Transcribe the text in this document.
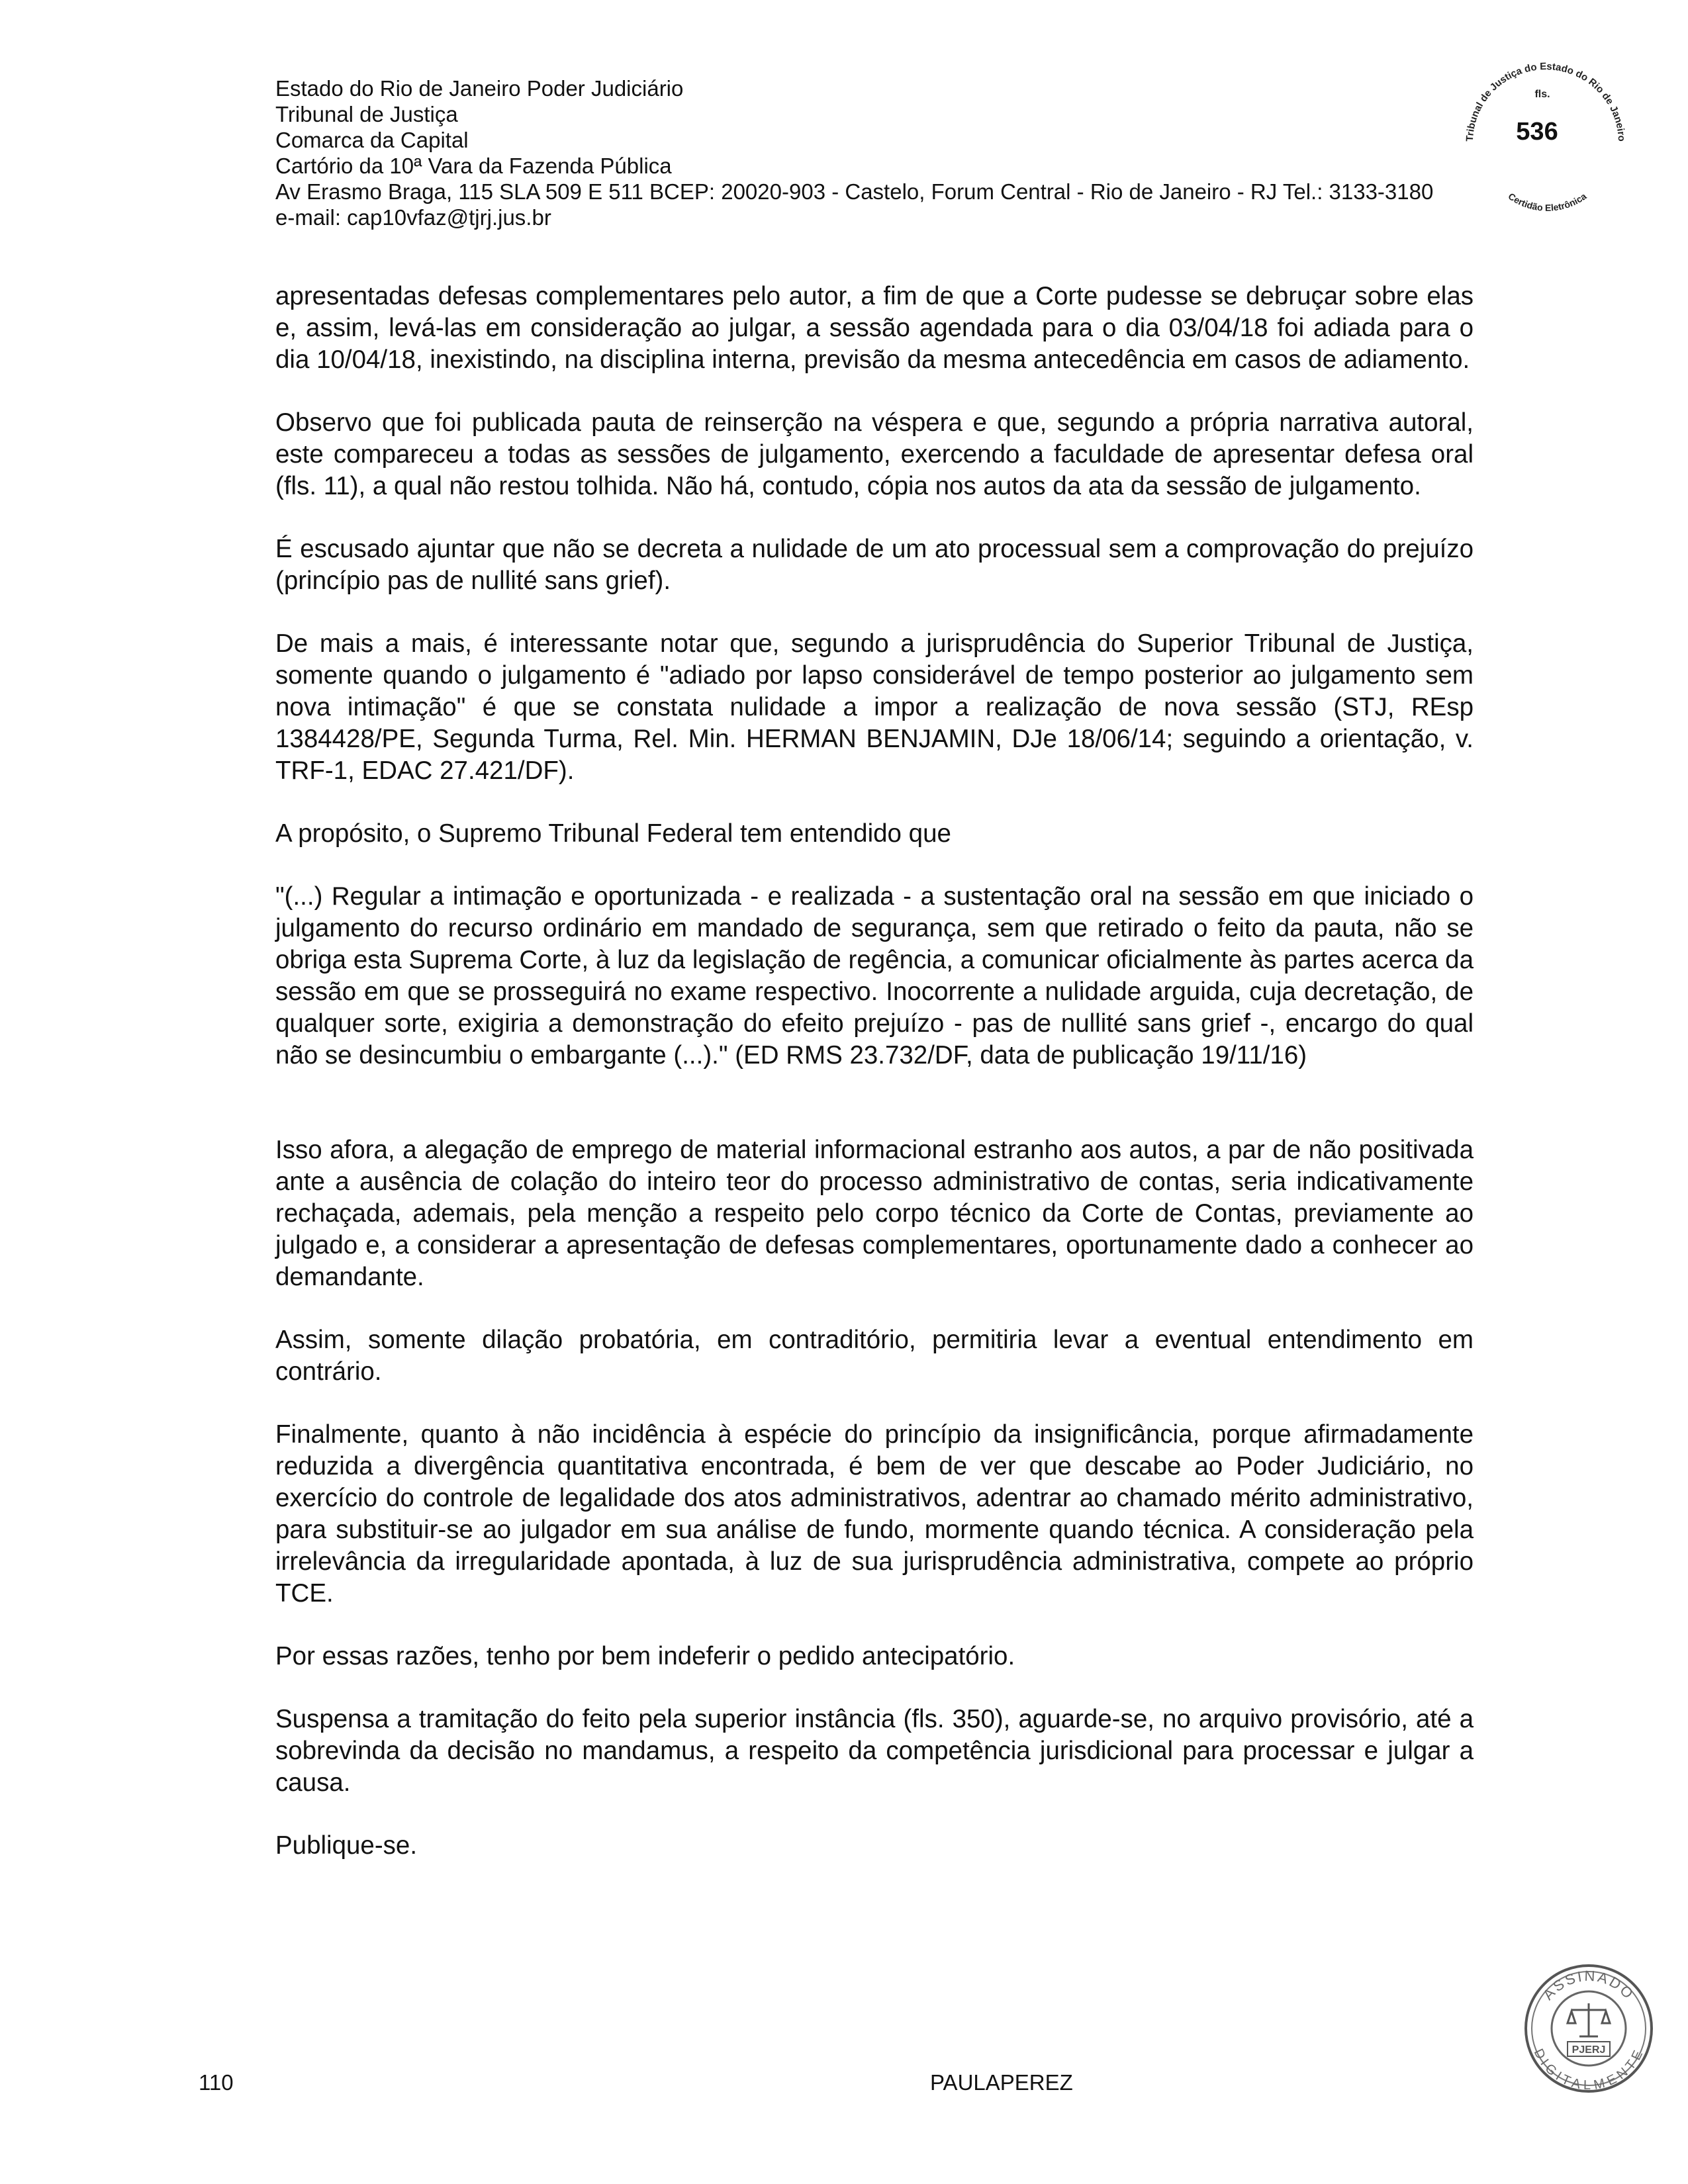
Estado do Rio de Janeiro Poder Judiciário
Tribunal de Justiça
Comarca da Capital
Cartório da 10ª Vara da Fazenda Pública
Av Erasmo Braga, 115 SLA 509 E 511 BCEP: 20020-903 - Castelo, Forum Central - Rio de Janeiro - RJ Tel.: 3133-3180
e-mail: cap10vfaz@tjrj.jus.br
Tribunal de Justiça do Estado do Rio de Janeiro
Certidão Eletrônica
fls.
536

apresentadas defesas complementares pelo autor, a fim de que a Corte pudesse se debruçar sobre elas e, assim, levá-las em consideração ao julgar, a sessão agendada para o dia 03/04/18 foi adiada para o dia 10/04/18, inexistindo, na disciplina interna, previsão da mesma antecedência em casos de adiamento.

Observo que foi publicada pauta de reinserção na véspera e que, segundo a própria narrativa autoral, este compareceu a todas as sessões de julgamento, exercendo a faculdade de apresentar defesa oral (fls. 11), a qual não restou tolhida. Não há, contudo, cópia nos autos da ata da sessão de julgamento.

É escusado ajuntar que não se decreta a nulidade de um ato processual sem a comprovação do prejuízo (princípio pas de nullité sans grief).

De mais a mais, é interessante notar que, segundo a jurisprudência do Superior Tribunal de Justiça, somente quando o julgamento é "adiado por lapso considerável de tempo posterior ao julgamento sem nova intimação" é que se constata nulidade a impor a realização de nova sessão (STJ, REsp 1384428/PE, Segunda Turma, Rel. Min. HERMAN BENJAMIN, DJe 18/06/14; seguindo a orientação, v. TRF-1, EDAC 27.421/DF).

A propósito, o Supremo Tribunal Federal tem entendido que

"(...) Regular a intimação e oportunizada - e realizada - a sustentação oral na sessão em que iniciado o julgamento do recurso ordinário em mandado de segurança, sem que retirado o feito da pauta, não se obriga esta Suprema Corte, à luz da legislação de regência, a comunicar oficialmente às partes acerca da sessão em que se prosseguirá no exame respectivo. Inocorrente a nulidade arguida, cuja decretação, de qualquer sorte, exigiria a demonstração do efeito prejuízo - pas de nullité sans grief -, encargo do qual não se desincumbiu o embargante (...)." (ED RMS 23.732/DF, data de publicação 19/11/16)

Isso afora, a alegação de emprego de material informacional estranho aos autos, a par de não positivada ante a ausência de colação do inteiro teor do processo administrativo de contas, seria indicativamente rechaçada, ademais, pela menção a respeito pelo corpo técnico da Corte de Contas, previamente ao julgado e, a considerar a apresentação de defesas complementares, oportunamente dado a conhecer ao demandante.

Assim, somente dilação probatória, em contraditório, permitiria levar a eventual entendimento em contrário.

Finalmente, quanto à não incidência à espécie do princípio da insignificância, porque afirmadamente reduzida a divergência quantitativa encontrada, é bem de ver que descabe ao Poder Judiciário, no exercício do controle de legalidade dos atos administrativos, adentrar ao chamado mérito administrativo, para substituir-se ao julgador em sua análise de fundo, mormente quando técnica. A consideração pela irrelevância da irregularidade apontada, à luz de sua jurisprudência administrativa, compete ao próprio TCE.

Por essas razões, tenho por bem indeferir o pedido antecipatório.

Suspensa a tramitação do feito pela superior instância (fls. 350), aguarde-se, no arquivo provisório, até a sobrevinda da decisão no mandamus, a respeito da competência jurisdicional para processar e julgar a causa.

Publique-se.

ASSINADO
DIGITALMENTE
PJERJ
110	PAULAPEREZ
